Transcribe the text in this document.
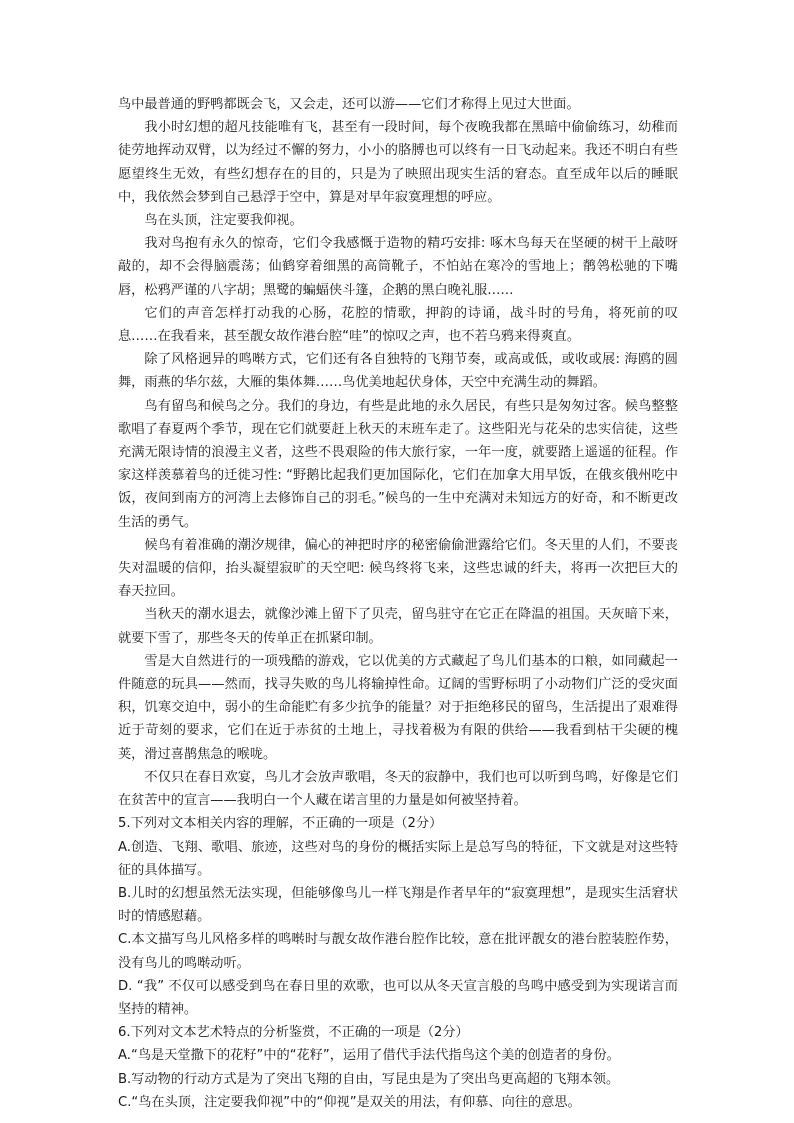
鸟中最普通的野鸭都既会飞，又会走，还可以游——它们才称得上见过大世面。

我小时幻想的超凡技能唯有飞，甚至有一段时间，每个夜晚我都在黑暗中偷偷练习，幼稚而徒劳地挥动双臂，以为经过不懈的努力，小小的胳膊也可以终有一日飞动起来。我还不明白有些愿望终生无效，有些幻想存在的目的，只是为了映照出现实生活的窘态。直至成年以后的睡眠中，我依然会梦到自己悬浮于空中，算是对早年寂寞理想的呼应。

鸟在头顶，注定要我仰视。

我对鸟抱有永久的惊奇，它们令我感慨于造物的精巧安排: 啄木鸟每天在坚硬的树干上敲呀敲的，却不会得脑震荡；仙鹤穿着细黑的高筒靴子，不怕站在寒冷的雪地上；鹡鸰松驰的下嘴唇，松鸦严谨的八字胡；黑鹭的蝙蝠侠斗篷，企鹅的黑白晚礼服……

它们的声音怎样打动我的心肠，花腔的情歌，押韵的诗诵，战斗时的号角，将死前的叹息……在我看来，甚至靓女故作港台腔“哇”的惊叹之声，也不若乌鸦来得爽直。

除了风格迥异的鸣啭方式，它们还有各自独特的飞翔节奏，或高或低，或收或展: 海鸥的圆舞，雨燕的华尔兹，大雁的集体舞……鸟优美地起伏身体，天空中充满生动的舞蹈。

鸟有留鸟和候鸟之分。我们的身边，有些是此地的永久居民，有些只是匆匆过客。候鸟整整歌唱了春夏两个季节，现在它们就要赶上秋天的末班车走了。这些阳光与花朵的忠实信徒，这些充满无限诗情的浪漫主义者，这些不畏艰险的伟大旅行家，一年一度，就要踏上遥遥的征程。作家这样羡慕着鸟的迁徙习性: “野鹅比起我们更加国际化，它们在加拿大用早饭，在俄亥俄州吃中饭，夜间到南方的河湾上去修饰自己的羽毛。”候鸟的一生中充满对未知远方的好奇，和不断更改生活的勇气。

候鸟有着准确的潮汐规律，偏心的神把时序的秘密偷偷泄露给它们。冬天里的人们，不要丧失对温暖的信仰，抬头凝望寂旷的天空吧: 候鸟终将飞来，这些忠诚的纤夫，将再一次把巨大的春天拉回。

当秋天的潮水退去，就像沙滩上留下了贝壳，留鸟驻守在它正在降温的祖国。天灰暗下来，就要下雪了，那些冬天的传单正在抓紧印制。

雪是大自然进行的一项残酷的游戏，它以优美的方式藏起了鸟儿们基本的口粮，如同藏起一件随意的玩具——然而，找寻失败的鸟儿将输掉性命。辽阔的雪野标明了小动物们广泛的受灾面积，饥寒交迫中，弱小的生命能贮有多少抗争的能量？对于拒绝移民的留鸟，生活提出了艰难得近于苛刻的要求，它们在近于赤贫的土地上，寻找着极为有限的供给——我看到枯干尖硬的槐荚，滑过喜鹊焦急的喉咙。

不仅只在春日欢宴，鸟儿才会放声歌唱，冬天的寂静中，我们也可以听到鸟鸣，好像是它们在贫苦中的宣言——我明白一个人藏在诺言里的力量是如何被坚持着。

5.下列对文本相关内容的理解，不正确的一项是（2分）

A.创造、飞翔、歌唱、旅迹，这些对鸟的身份的概括实际上是总写鸟的特征，下文就是对这些特征的具体描写。

B.儿时的幻想虽然无法实现，但能够像鸟儿一样飞翔是作者早年的“寂寞理想”，是现实生活窘状时的情感慰藉。

C.本文描写鸟儿风格多样的鸣啭时与靓女故作港台腔作比较，意在批评靓女的港台腔装腔作势，没有鸟儿的鸣啭动听。

D. “我” 不仅可以感受到鸟在春日里的欢歌，也可以从冬天宣言般的鸟鸣中感受到为实现诺言而坚持的精神。

6.下列对文本艺术特点的分析鉴赏，不正确的一项是（2分）

A.“鸟是天堂撒下的花籽”中的“花籽”，运用了借代手法代指鸟这个美的创造者的身份。

B.写动物的行动方式是为了突出飞翔的自由，写昆虫是为了突出鸟更高超的飞翔本领。

C.“鸟在头顶，注定要我仰视”中的“仰视”是双关的用法，有仰慕、向往的意思。
